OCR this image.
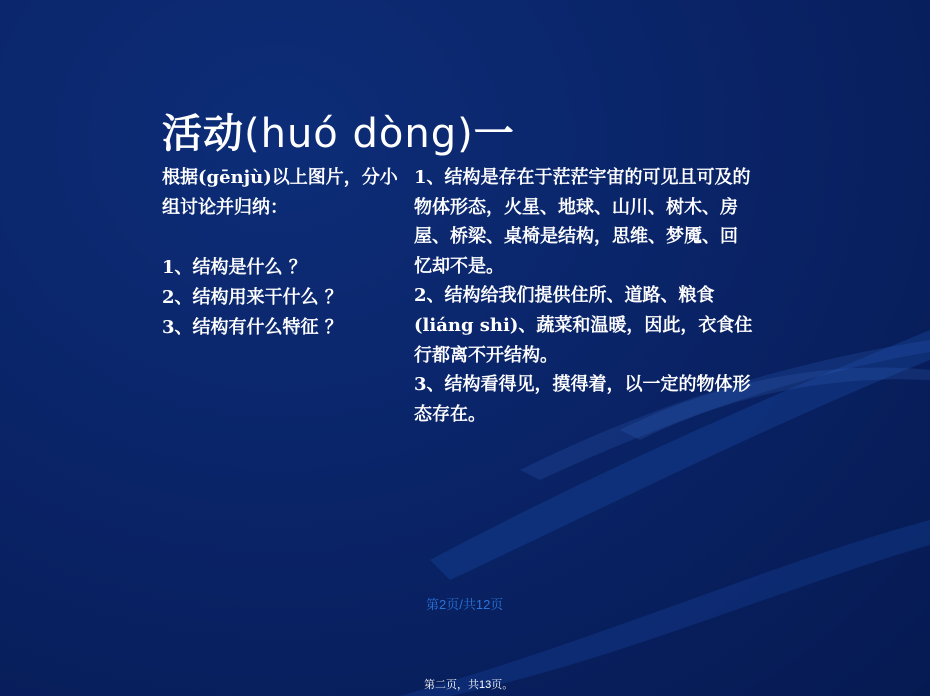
活动(huó dòng)一

根据(gēnjù)以上图片，分小组讨论并归纳：

1、结构是什么 ？

2、结构用来干什么 ？

3、结构有什么特征 ？

1、结构是存在于茫茫宇宙的可见且可及的物体形态，火星、地球、山川、树木、房屋、桥梁、桌椅是结构，思维、梦魇、回忆却不是。

2、结构给我们提供住所、道路、粮食(liáng shi)、蔬菜和温暖，因此，衣食住行都离不开结构。

3、结构看得见，摸得着，以一定的物体形态存在。

第2页/共12页
第二页，共13页。
